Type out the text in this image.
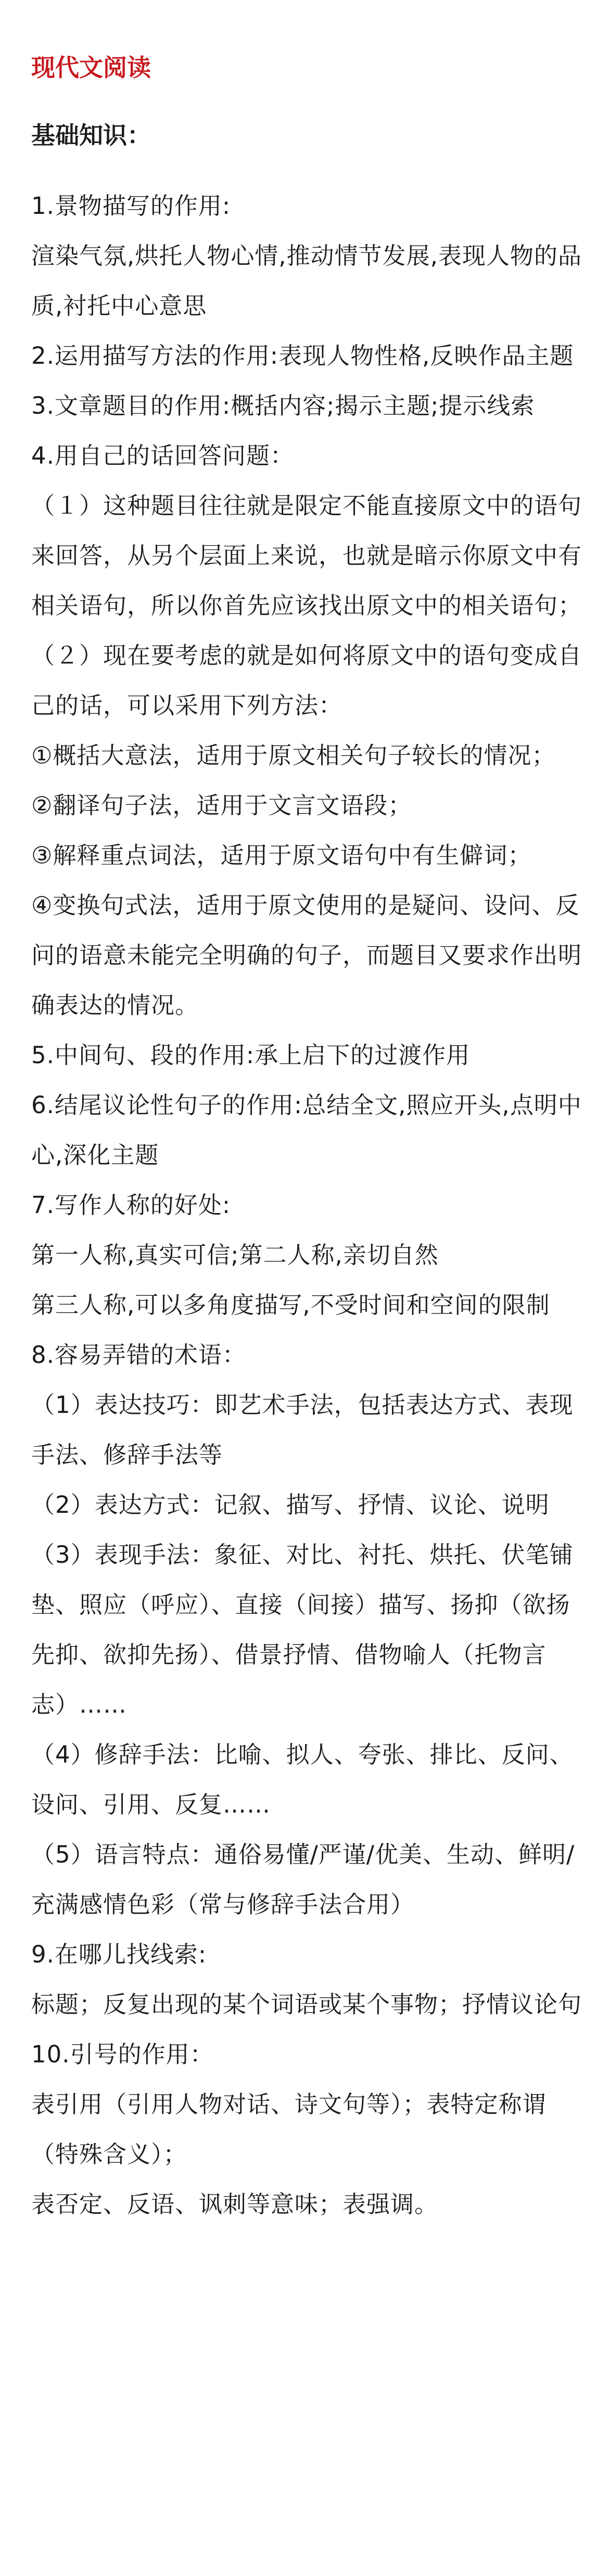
现代文阅读
基础知识：
1.景物描写的作用:
渲染气氛,烘托人物心情,推动情节发展,表现人物的品质,衬托中心意思
2.运用描写方法的作用:表现人物性格,反映作品主题
3.文章题目的作用:概括内容;揭示主题;提示线索
4.用自己的话回答问题：
（１）这种题目往往就是限定不能直接原文中的语句来回答，从另个层面上来说，也就是暗示你原文中有相关语句，所以你首先应该找出原文中的相关语句；
（２）现在要考虑的就是如何将原文中的语句变成自己的话，可以采用下列方法：
①概括大意法，适用于原文相关句子较长的情况；
②翻译句子法，适用于文言文语段；
③解释重点词法，适用于原文语句中有生僻词；
④变换句式法，适用于原文使用的是疑问、设问、反问的语意未能完全明确的句子，而题目又要求作出明确表达的情况。
5.中间句、段的作用:承上启下的过渡作用
6.结尾议论性句子的作用:总结全文,照应开头,点明中心,深化主题
7.写作人称的好处:
第一人称,真实可信;第二人称,亲切自然
第三人称,可以多角度描写,不受时间和空间的限制
8.容易弄错的术语：
（1）表达技巧：即艺术手法，包括表达方式、表现手法、修辞手法等
（2）表达方式：记叙、描写、抒情、议论、说明
（3）表现手法：象征、对比、衬托、烘托、伏笔铺垫、照应（呼应）、直接（间接）描写、扬抑（欲扬先抑、欲抑先扬）、借景抒情、借物喻人（托物言志）……
（4）修辞手法：比喻、拟人、夸张、排比、反问、设问、引用、反复……
（5）语言特点：通俗易懂/严谨/优美、生动、鲜明/充满感情色彩（常与修辞手法合用）
9.在哪儿找线索:
标题；反复出现的某个词语或某个事物；抒情议论句
10.引号的作用：
表引用（引用人物对话、诗文句等）；表特定称谓（特殊含义）；
表否定、反语、讽刺等意味；表强调。
